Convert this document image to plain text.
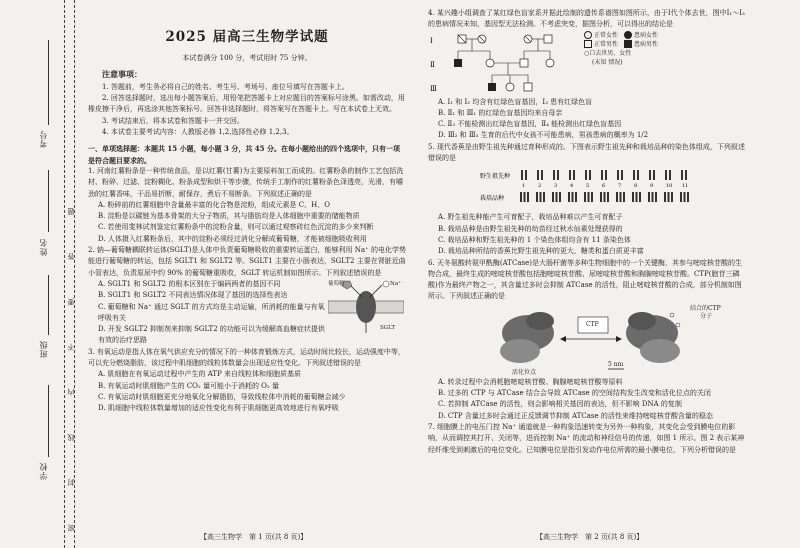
考号
姓名
班级
学校	密 封 线 内 不 要 答 题
2025 届高三生物学试题

本试卷满分 100 分，考试用时 75 分钟。

注意事项：

1. 答题前，考生务必将自己的姓名、考生号、考场号、座位号填写在答题卡上。

2. 回答选择题时，选出每小题答案后，用铅笔把答题卡上对应题目的答案标号涂黑。如需改动，用橡皮擦干净后，再选涂其他答案标号。回答非选择题时，将答案写在答题卡上。写在本试卷上无效。

3. 考试结束后，将本试卷和答题卡一并交回。

4. 本试卷主要考试内容：人教版必修 1,2,选择性必修 1,2,3。

一、单项选择题：本题共 15 小题，每小题 3 分，共 45 分。在每小题给出的四个选项中，只有一项是符合题目要求的。

1. 河南红薯粉条是一种传统食品，是以红薯(甘薯)为主要原料加工而成的。红薯粉条的制作工艺包括洗材、粉碎、过滤、淀粉糊化、粉条成型和烘干等步骤，传统手工制作的红薯粉条色泽透亮，光滑，有嚼劲的红薯香味，干品易折断，耐保存，煮后不易断条。下列叙述正确的是

A. 粉碎前的红薯细胞中含量最丰富的化合物是淀粉，组成元素是 C、H、O

B. 淀粉是以碳链为基本骨架的大分子物质，其与脂肪均是人体细胞中重要的储能物质

C. 若使用斐林试剂鉴定红薯粉条中的淀粉含量，则可以通过观察砖红色沉淀的多少来判断

D. 人体摄入红薯粉条后，其中的淀粉必须经过消化分解成葡萄糖，才能被细胞吸收利用

2. 钠—葡萄糖耦联转运体(SGLT)是人体中负责葡萄糖吸收的重要转运蛋白，能够利用 Na⁺ 的电化学势能进行葡萄糖的转运，包括 SGLT1 和 SGLT2 等。SGLT1 主要在小肠表达，SGLT2 主要在肾脏近曲小管表达，负责原尿中约 90% 的葡萄糖重吸收，SGLT 转运机制如图所示。下列叙述错误的是

A. SGLT1 和 SGLT2 的根本区别在于编码两者的基因不同

B. SGLT1 和 SGLT2 不同表达情况体现了基因的选择性表达

C. 葡萄糖和 Na⁺ 通过 SGLT 的方式均是主动运输，所消耗的能量与有氧呼吸有关

D. 开发 SGLT2 抑制剂来抑制 SGLT2 的功能可以为缓解高血糖症状提供有效的治疗思路

葡萄糖	Na⁺
SGLT

3. 有氧运动是指人体在氧气供应充分的情况下的一种体育锻炼方式，运动时间比较长，运动强度中等，可以充分燃烧脂肪，该过程中肌细胞的线粒体数量会出现适应性变化。下列叙述错误的是

A. 肌细胞在有氧运动过程中产生的 ATP 来自线粒体和细胞质基质

B. 有氧运动时肌细胞产生的 CO₂ 量可能小于消耗的 O₂ 量

C. 有氧运动时肌细胞更充分地氧化分解脂肪，导致线粒体中消耗的葡萄糖会减少

D. 肌细胞中线粒体数量增加的适应性变化有利于肌细胞更高效地进行有氧呼吸

【高三生物学　第 1 页(共 8 页)】

4. 某兴趣小组调查了某红绿色盲家系并据此绘制的遗传系谱图如图所示，由于Ⅰ代个体去世，图中Ⅰ₁～Ⅰ₃的患病情况未知，基因型无法检测。不考虑突变，据图分析，可以得出的结论是

Ⅰ
Ⅱ
Ⅲ
正常女性	患病女性
正常男性	患病男性
○口去世男、女性
(未知 情况)

A. Ⅰ₁ 和 Ⅰ₂ 均含有红绿色盲基因，Ⅰ₃ 患有红绿色盲

B. Ⅱ₁ 和 Ⅲ₁ 的红绿色盲基因均来自母亲

C. Ⅱ₃ 不能检测出红绿色盲基因，Ⅱ₄ 能检测出红绿色盲基因

D. Ⅲ₂ 和 Ⅲ₃ 生育的后代中女孩不可能患病，男孩患病的概率为 1/2

5. 现代香蕉是由野生祖先种通过育种形成的。下图表示野生祖先种和栽培品种的染色体组成，下列叙述错误的是

野生祖先种
栽培品种
1	2	3	4	5	6	7	8	9	10 11

A. 野生祖先种能产生可育配子，栽培品种难以产生可育配子

B. 栽培品种是由野生祖先种的幼苗经过秋水仙素处理获得的

C. 栽培品种和野生祖先种的 1 个染色体组均含有 11 条染色体

D. 栽培品种所结的香蕉比野生祖先种的更大，糖类和蛋白质更丰富

6. 天冬氨酸转氨甲酰酶(ATCase)是大肠杆菌等多种生物细胞中的一个关键酶，其参与嘧啶核苷酸的生物合成，最终生成的嘧啶核苷酸包括胞嘧啶核苷酸、尿嘧啶核苷酸和胸腺嘧啶核苷酸。CTP(胞苷三磷酸)作为最终产物之一，其含量过多时会抑制 ATCase 的活性，阻止嘧啶核苷酸的合成，部分机制如图所示。下列叙述正确的是

CTP
结合的CTP
分子
活化位点
5 nm

A. 转录过程中会消耗胞嘧啶核苷酸、胸腺嘧啶核苷酸等原料

B. 过多的 CTP 与 ATCase 结合会导致 ATCase 的空间结构发生改变和活化位点的关闭

C. 若抑制 ATCase 的活性，则会影响相关基因的表达，但不影响 DNA 的复制

D. CTP 含量过多时会通过正反馈调节抑制 ATCase 的活性来维持嘧啶核苷酸含量的稳态

7. 细胞膜上的电压门控 Na⁺ 通道就是一种构象迅速转变为另外一种构象，其变化会受到膜电位的影响，从而调控其打开、关闭等，进而控制 Na⁺ 的流动和神经信号的传递，如图 1 所示。图 2 表示某神经纤维受到刺激后的电位变化。已知膜电位是指引发动作电位所需的最小膜电位，下列分析错误的是

【高三生物学　第 2 页(共 8 页)】
